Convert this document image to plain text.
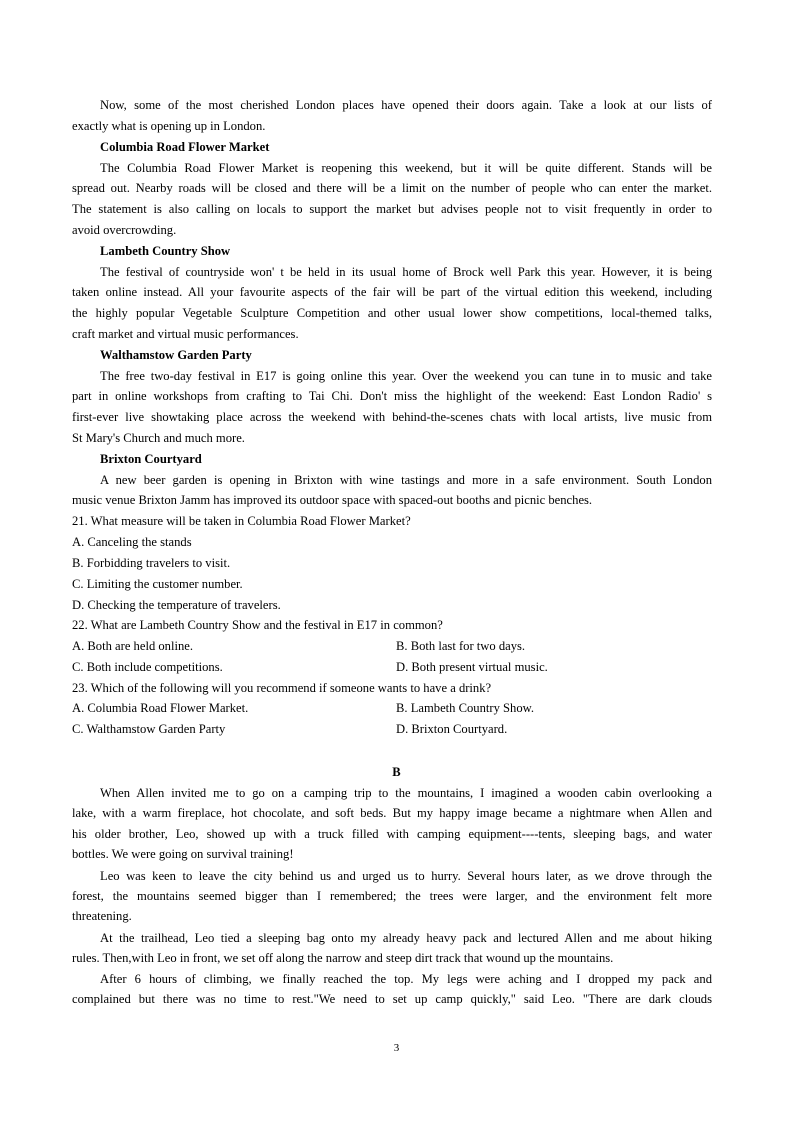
Now, some of the most cherished London places have opened their doors again. Take a look at our lists of
exactly what is opening up in London.
Columbia Road Flower Market
The Columbia Road Flower Market is reopening this weekend, but it will be quite different. Stands will be
spread out. Nearby roads will be closed and there will be a limit on the number of people who can enter the market.
The statement is also calling on locals to support the market but advises people not to visit frequently in order to
avoid overcrowding.
Lambeth Country Show
The festival of countryside won' t be held in its usual home of Brock well Park this year. However, it is being
taken online instead. All your favourite aspects of the fair will be part of the virtual edition this weekend, including
the highly popular Vegetable Sculpture Competition and other usual lower show competitions, local-themed talks,
craft market and virtual music performances.
Walthamstow Garden Party
The free two-day festival in E17 is going online this year. Over the weekend you can tune in to music and take
part in online workshops from crafting to Tai Chi. Don't miss the highlight of the weekend: East London Radio' s
first-ever live showtaking place across the weekend with behind-the-scenes chats with local artists, live music from
St Mary's Church and much more.
Brixton Courtyard
A new beer garden is opening in Brixton with wine tastings and more in a safe environment. South London
music venue Brixton Jamm has improved its outdoor space with spaced-out booths and picnic benches.
21. What measure will be taken in Columbia Road Flower Market?
A. Canceling the stands
B. Forbidding travelers to visit.
C. Limiting the customer number.
D. Checking the temperature of travelers.
22. What are Lambeth Country Show and the festival in E17 in common?
A. Both are held online.	B. Both last for two days.
C. Both include competitions.	D. Both present virtual music.
23. Which of the following will you recommend if someone wants to have a drink?
A. Columbia Road Flower Market.	B. Lambeth Country Show.
C. Walthamstow Garden Party	D. Brixton Courtyard.
B
When Allen invited me to go on a camping trip to the mountains, I imagined a wooden cabin overlooking a
lake, with a warm fireplace, hot chocolate, and soft beds. But my happy image became a nightmare when Allen and
his older brother, Leo, showed up with a truck filled with camping equipment----tents, sleeping bags, and water
bottles. We were going on survival training!
Leo was keen to leave the city behind us and urged us to hurry. Several hours later, as we drove through the
forest, the mountains seemed bigger than I remembered; the trees were larger, and the environment felt more
threatening.
At the trailhead, Leo tied a sleeping bag onto my already heavy pack and lectured Allen and me about hiking
rules. Then,with Leo in front, we set off along the narrow and steep dirt track that wound up the mountains.
After 6 hours of climbing, we finally reached the top. My legs were aching and I dropped my pack and
complained but there was no time to rest."We need to set up camp quickly," said Leo. "There are dark clouds
3
